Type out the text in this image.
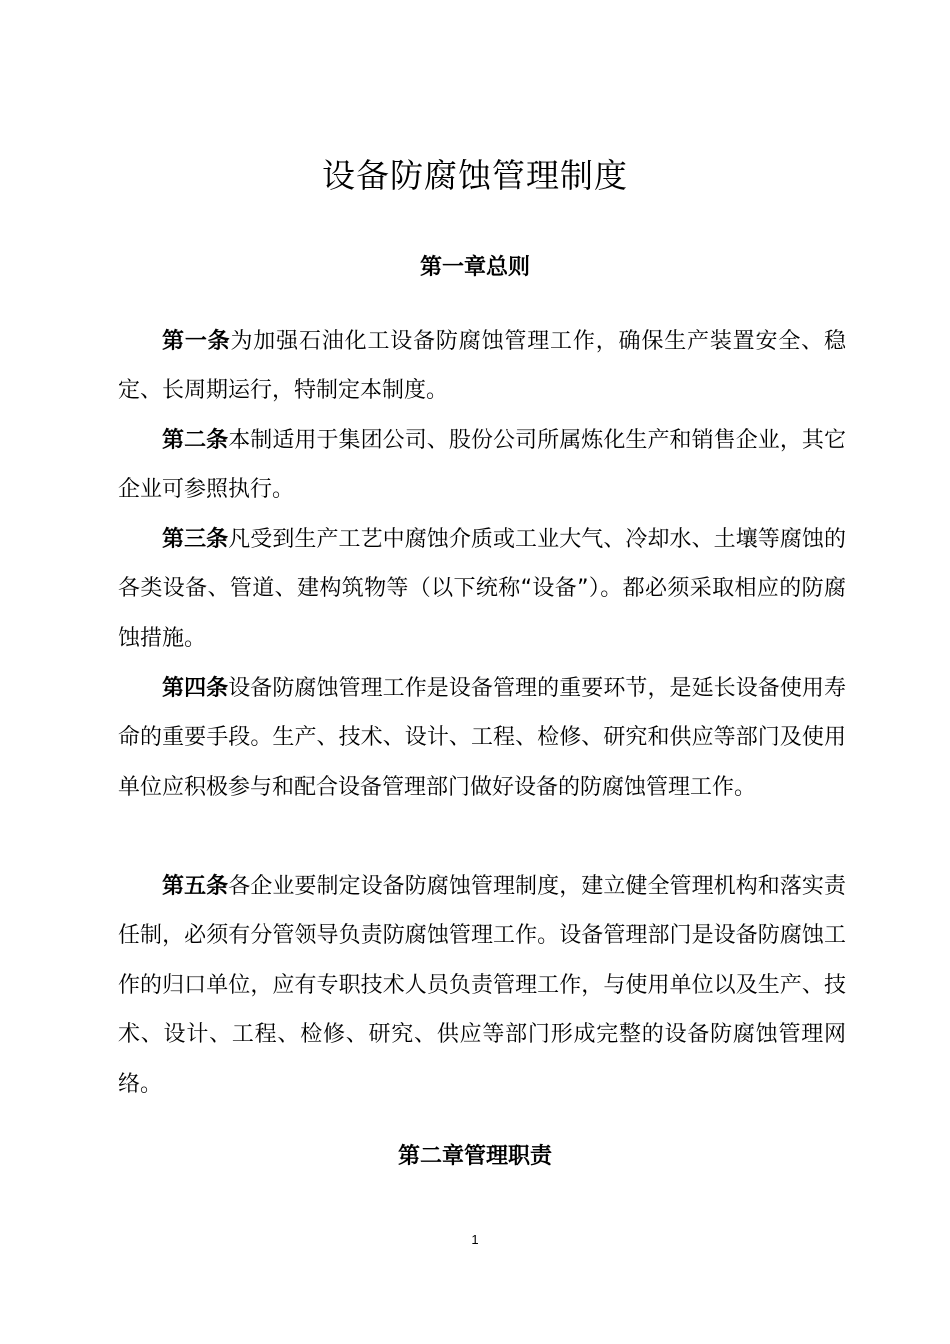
设备防腐蚀管理制度
第一章总则

第一条为加强石油化工设备防腐蚀管理工作，确保生产装置安全、稳定、长周期运行，特制定本制度。

第二条本制适用于集团公司、股份公司所属炼化生产和销售企业，其它企业可参照执行。

第三条凡受到生产工艺中腐蚀介质或工业大气、冷却水、土壤等腐蚀的各类设备、管道、建构筑物等（以下统称“设备”）。都必须采取相应的防腐蚀措施。

第四条设备防腐蚀管理工作是设备管理的重要环节，是延长设备使用寿命的重要手段。生产、技术、设计、工程、检修、研究和供应等部门及使用单位应积极参与和配合设备管理部门做好设备的防腐蚀管理工作。

第五条各企业要制定设备防腐蚀管理制度，建立健全管理机构和落实责任制，必须有分管领导负责防腐蚀管理工作。设备管理部门是设备防腐蚀工作的归口单位，应有专职技术人员负责管理工作，与使用单位以及生产、技术、设计、工程、检修、研究、供应等部门形成完整的设备防腐蚀管理网络。

第二章管理职责
1
